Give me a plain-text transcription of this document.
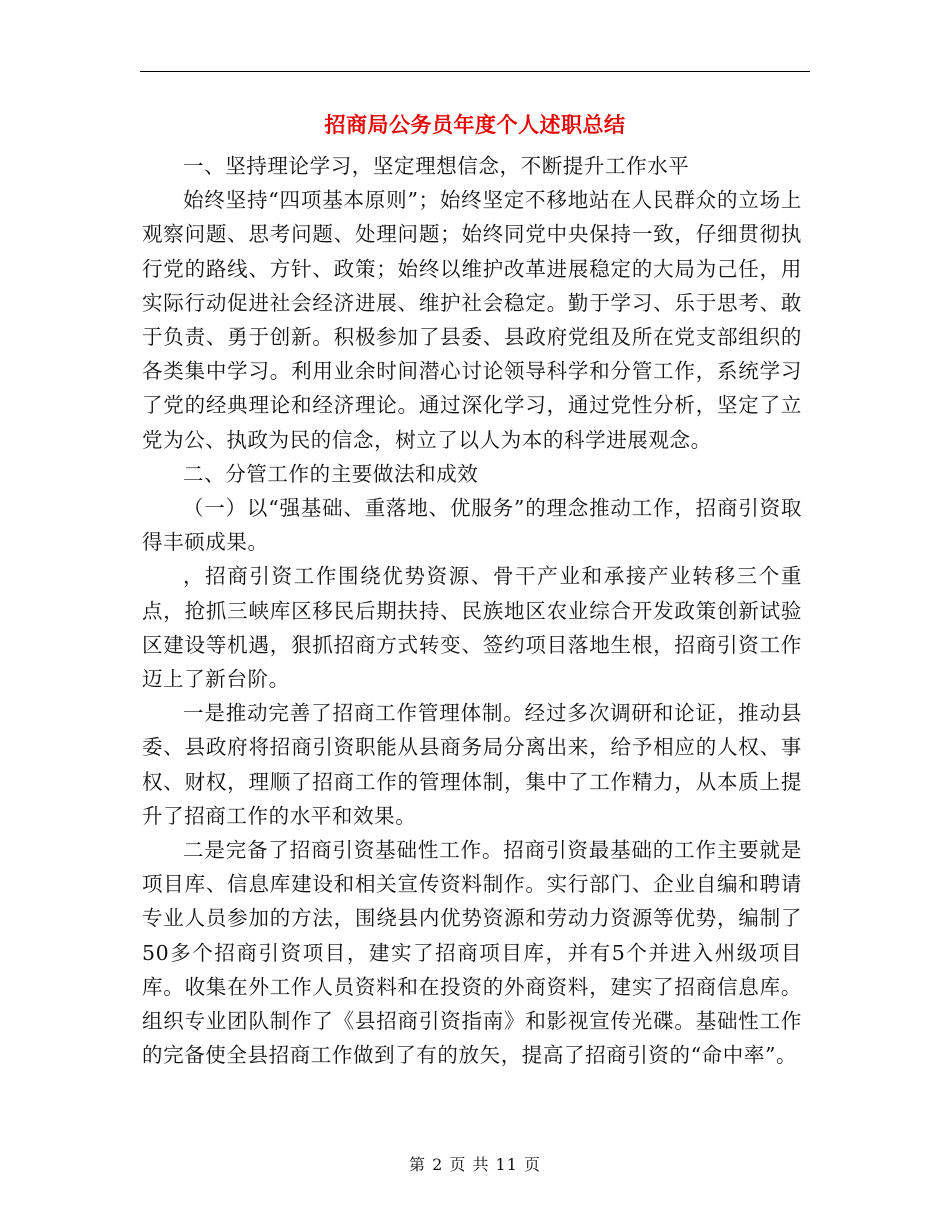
招商局公务员年度个人述职总结

一、坚持理论学习，坚定理想信念，不断提升工作水平

始终坚持“四项基本原则”；始终坚定不移地站在人民群众的立场上观察问题、思考问题、处理问题；始终同党中央保持一致，仔细贯彻执行党的路线、方针、政策；始终以维护改革进展稳定的大局为己任，用实际行动促进社会经济进展、维护社会稳定。勤于学习、乐于思考、敢于负责、勇于创新。积极参加了县委、县政府党组及所在党支部组织的各类集中学习。利用业余时间潜心讨论领导科学和分管工作，系统学习了党的经典理论和经济理论。通过深化学习，通过党性分析，坚定了立党为公、执政为民的信念，树立了以人为本的科学进展观念。

二、分管工作的主要做法和成效

（一）以“强基础、重落地、优服务”的理念推动工作，招商引资取得丰硕成果。

，招商引资工作围绕优势资源、骨干产业和承接产业转移三个重点，抢抓三峡库区移民后期扶持、民族地区农业综合开发政策创新试验区建设等机遇，狠抓招商方式转变、签约项目落地生根，招商引资工作迈上了新台阶。

一是推动完善了招商工作管理体制。经过多次调研和论证，推动县委、县政府将招商引资职能从县商务局分离出来，给予相应的人权、事权、财权，理顺了招商工作的管理体制，集中了工作精力，从本质上提升了招商工作的水平和效果。

二是完备了招商引资基础性工作。招商引资最基础的工作主要就是项目库、信息库建设和相关宣传资料制作。实行部门、企业自编和聘请专业人员参加的方法，围绕县内优势资源和劳动力资源等优势，编制了50多个招商引资项目，建实了招商项目库，并有5个并进入州级项目库。收集在外工作人员资料和在投资的外商资料，建实了招商信息库。组织专业团队制作了《县招商引资指南》和影视宣传光碟。基础性工作的完备使全县招商工作做到了有的放矢，提高了招商引资的“命中率”。

第 2 页 共 11 页
